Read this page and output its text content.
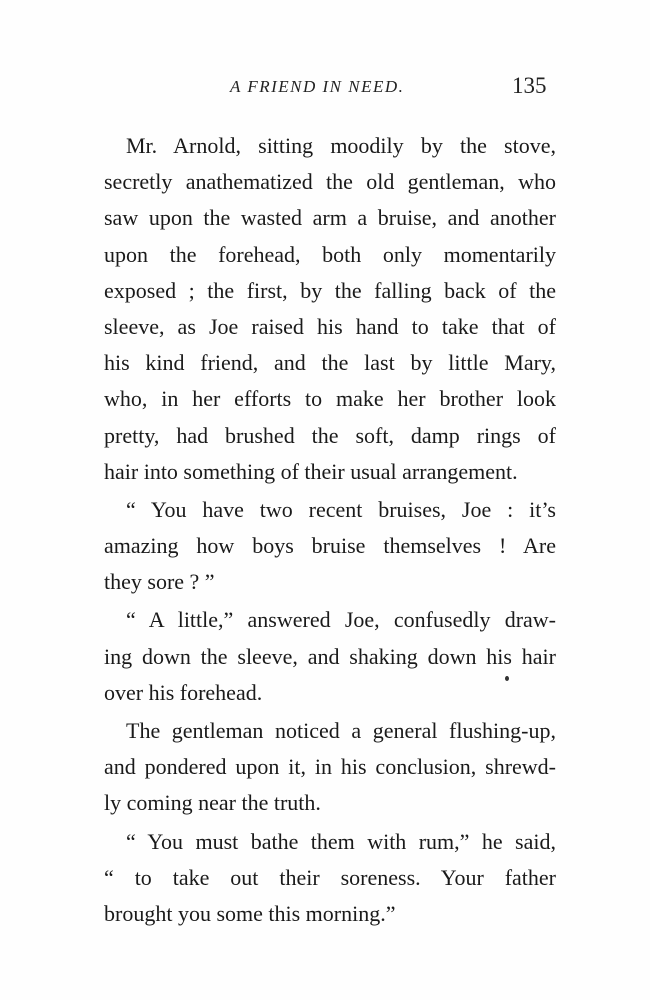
A FRIEND IN NEED.	135
Mr. Arnold, sitting moodily by the stove,
secretly anathematized the old gentleman, who
saw upon the wasted arm a bruise, and another
upon the forehead, both only momentarily
exposed ; the first, by the falling back of the
sleeve, as Joe raised his hand to take that of
his kind friend, and the last by little Mary,
who, in her efforts to make her brother look
pretty, had brushed the soft, damp rings of
hair into something of their usual arrangement.
“ You have two recent bruises, Joe : it’s
amazing how boys bruise themselves ! Are
they sore ? ”
“ A little,” answered Joe, confusedly draw-
ing down the sleeve, and shaking down his hair
over his forehead.
The gentleman noticed a general flushing-up,
and pondered upon it, in his conclusion, shrewd-
ly coming near the truth.
“ You must bathe them with rum,” he said,
“ to take out their soreness. Your father
brought you some this morning.”
